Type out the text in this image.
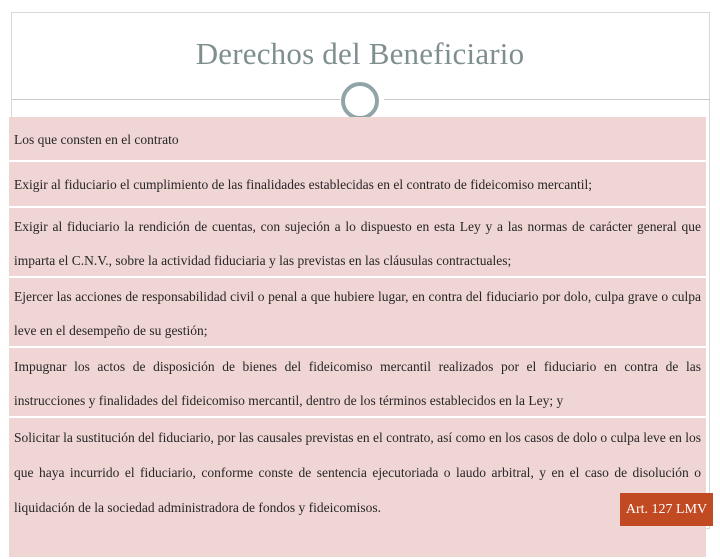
Derechos del Beneficiario
Los que consten en el contrato
Exigir al fiduciario el cumplimiento de las finalidades establecidas en el contrato de fideicomiso mercantil;
Exigir al fiduciario la rendición de cuentas, con sujeción a lo dispuesto en esta Ley y a las normas de carácter general que imparta el C.N.V., sobre la actividad fiduciaria y las previstas en las cláusulas contractuales;
Ejercer las acciones de responsabilidad civil o penal a que hubiere lugar, en contra del fiduciario por dolo, culpa grave o culpa leve en el desempeño de su gestión;
Impugnar los actos de disposición de bienes del fideicomiso mercantil realizados por el fiduciario en contra de las instrucciones y finalidades del fideicomiso mercantil, dentro de los términos establecidos en la Ley; y
Solicitar la sustitución del fiduciario, por las causales previstas en el contrato, así como en los casos de dolo o culpa leve en los que haya incurrido el fiduciario, conforme conste de sentencia ejecutoriada o laudo arbitral, y en el caso de disolución o liquidación de la sociedad administradora de fondos y fideicomisos.	Art. 127 LMV
